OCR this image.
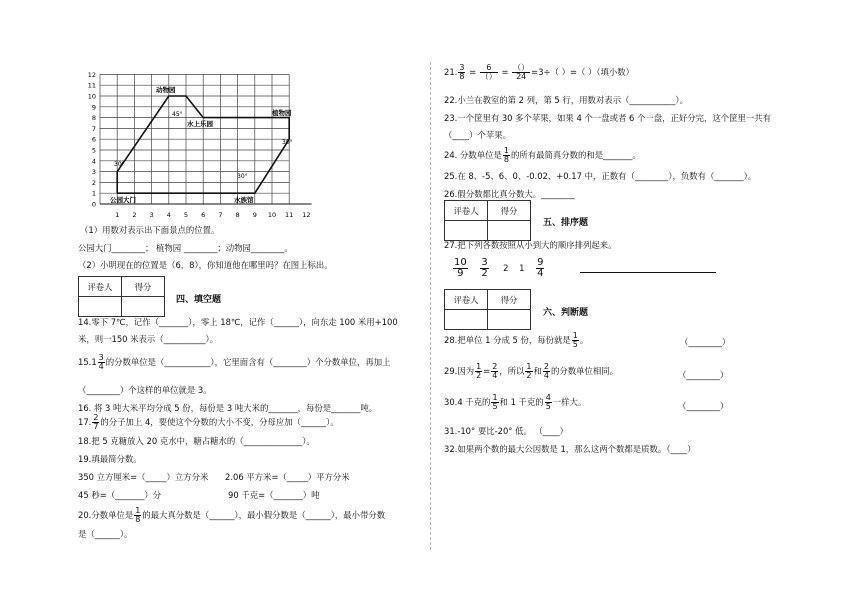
12
11
10
9
8
7
6
5
4
3
2
1
0
1 2 3 4 5 6 7 8 9 10 11 12
动物园
水上乐园
植物园
公园大门	水族馆
30°
45°
30°
30°
（1）用数对表示出下面景点的位置。
公园大门________； 植物园 ________；动物园________。
（2）小明现在的位置是（6，8），你知道他在哪里吗？在图上标出。
评卷人	得分

四、填空题
14.零下 7℃，记作（_______），零上 18℃，记作（______），向东走 100 米用+100
米，则一150 米表示（__________）。
$15.1 \frac{3}{4}$ 的分数单位是（___________），它里面含有（________）个分数单位，再加上
（________）个这样的单位就是 3。
16. 将 3 吨大米平均分成 5 份，每份是 3 吨大米的_______，每份是_______吨。
17. $\frac{2}{7}$ 的分子加上 4，要使这个分数的大小不变，分母应加（______）。
18.把 5 克糖放入 20 克水中，糖占糖水的（______________）。
19.填最简分数。
350 立方厘米=（_____）立方分米 2.06 平方米=（_____）平方分米
45 秒=（_______）分	90 千克=（_______）吨
20.分数单位是 $\frac{1}{8}$ 的最大真分数是（______），最小假分数是（______），最小带分数
是（______）。
21. $\frac{3}{8} = \frac{6}{()} = \frac{()}{24} =3\div$（ ）=（ ）（填小数）
22.小兰在教室的第 2 列，第 5 行，用数对表示（___________）。
23.一个筐里有 30 多个苹果，如果 4 个一盘或者 6 个一盘，正好分完，这个筐里一共有
（____）个苹果。
24. 分数单位是 $\frac{1}{8}$ 的所有最简真分数的和是_______。
25.在 8、-5、6、0、-0.02、+0.17 中，正数有（________），负数有（_______）。
26.假分数都比真分数大。________
评卷人	得分

五、排序题
27.把下列各数按照从小到大的顺序排列起来。
$\frac{10}{9}$
$\frac{3}{2} 2$ $1 \frac{9}{4}$
评卷人	得分

六、判断题
28.把单位 1 分成 5 份，每份就是 $\frac{1}{5}$ 。	（________）
29.因为 $\frac{1}{2} = \frac{2}{4}$ ，所以 $\frac{1}{2}$ 和 $\frac{2}{4}$ 的分数单位相同。	（________）
30.4 千克的 $\frac{1}{5}$ 和 1 千克的 $\frac{4}{5}$ 一样大。	（________）
31.-10° 要比-20° 低。 （____）
32.如果两个数的最大公因数是 1，那么这两个数都是质数。（____）
